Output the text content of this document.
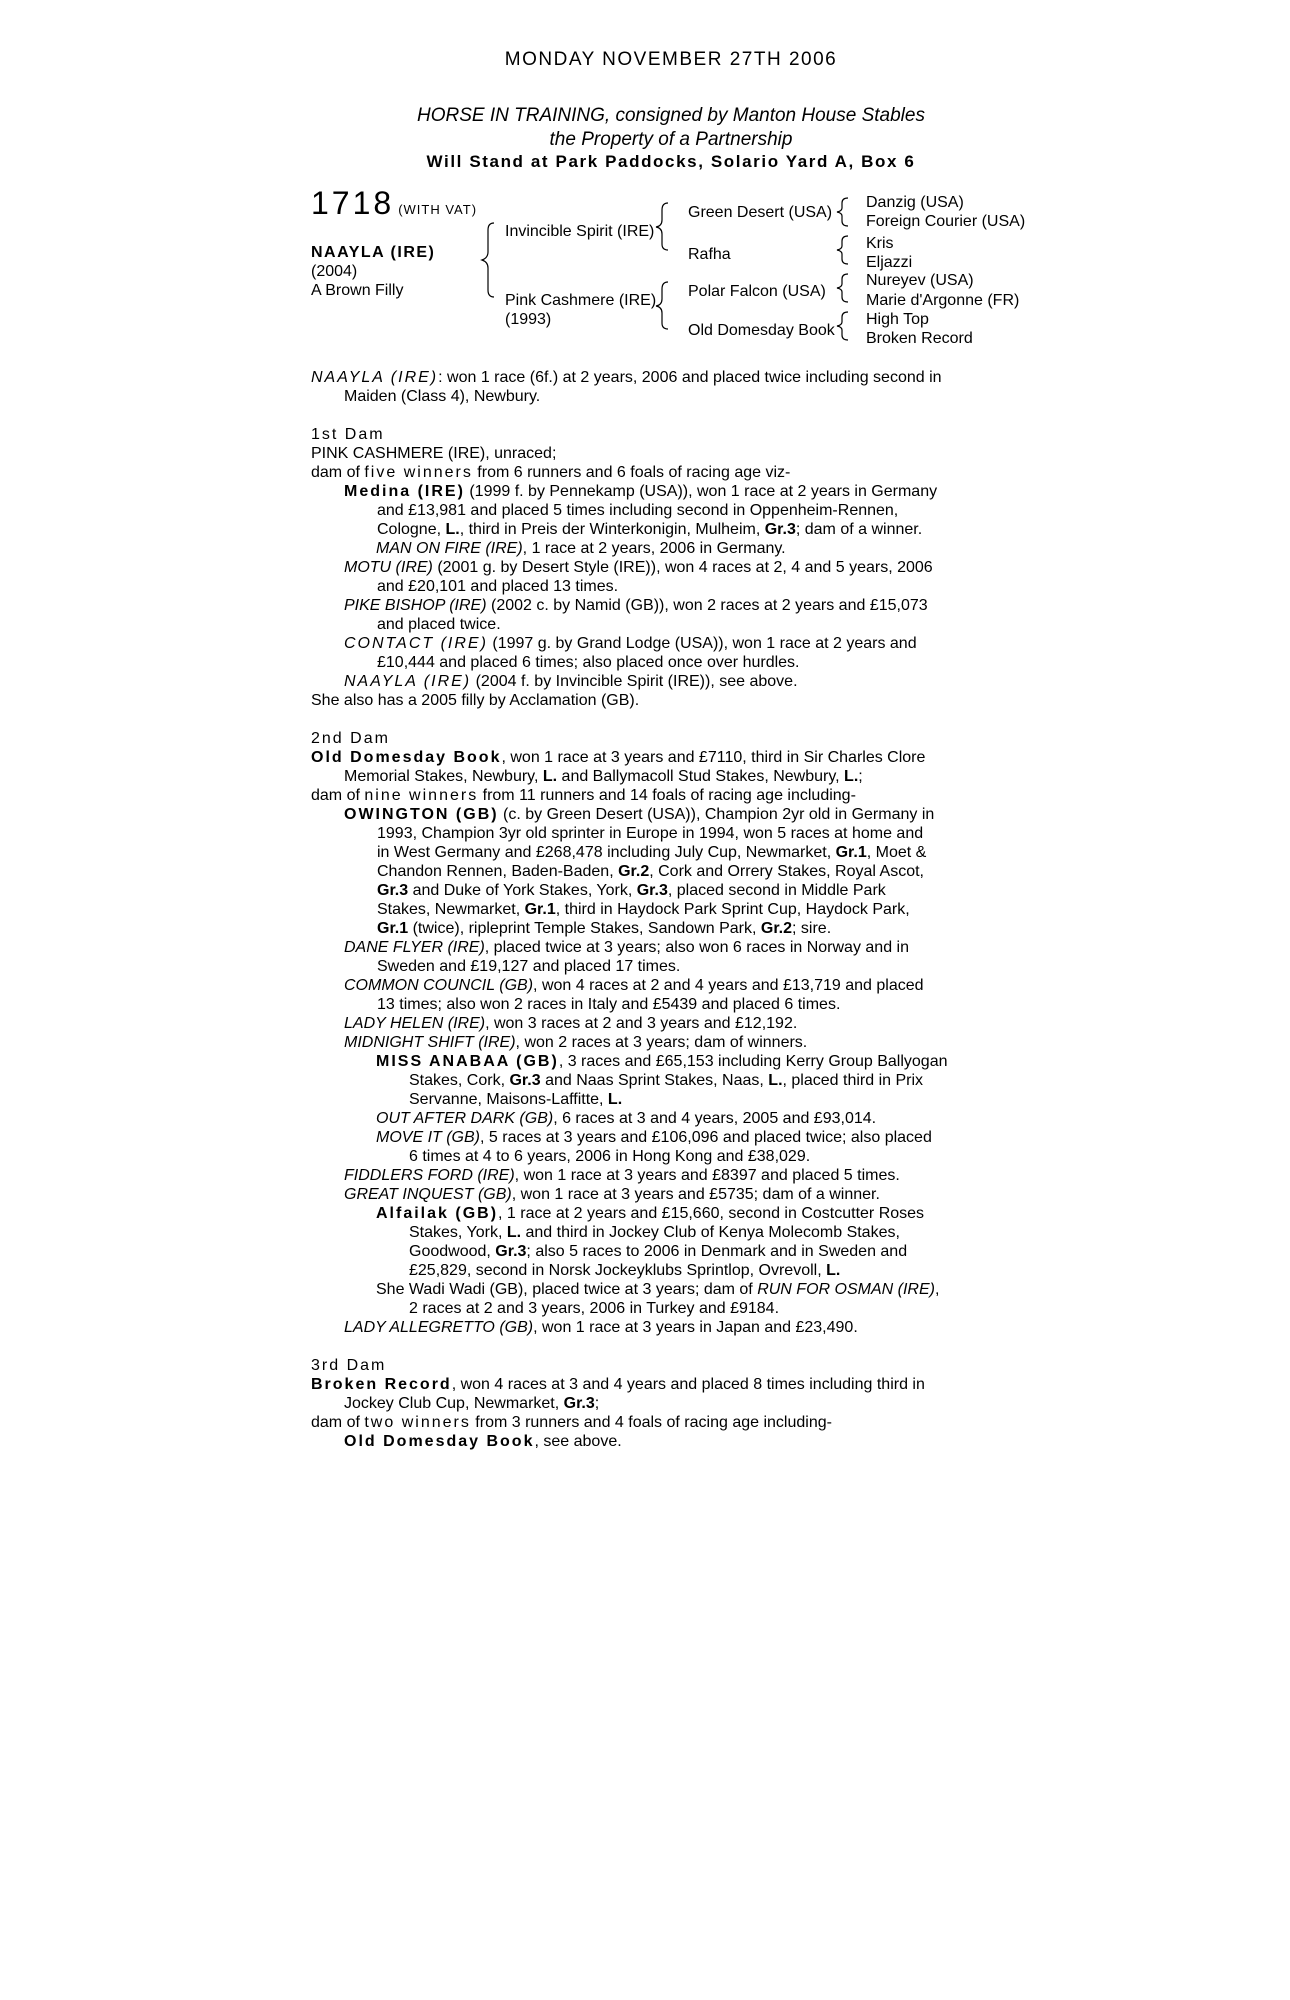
MONDAY NOVEMBER 27TH 2006
HORSE IN TRAINING, consigned by Manton House Stables
the Property of a Partnership
Will Stand at Park Paddocks, Solario Yard A, Box 6
1718 (WITH VAT)
NAAYLA (IRE)
(2004)
A Brown Filly
Invincible Spirit (IRE)
Pink Cashmere (IRE)
(1993)
Green Desert (USA)
Rafha
Polar Falcon (USA)
Old Domesday Book
Danzig (USA)
Foreign Courier (USA)
Kris
Eljazzi
Nureyev (USA)
Marie d'Argonne (FR)
High Top
Broken Record

NAAYLA (IRE): won 1 race (6f.) at 2 years, 2006 and placed twice including second in
Maiden (Class 4), Newbury.

1st Dam

PINK CASHMERE (IRE), unraced;

dam of five winners from 6 runners and 6 foals of racing age viz-

Medina (IRE) (1999 f. by Pennekamp (USA)), won 1 race at 2 years in Germany
and £13,981 and placed 5 times including second in Oppenheim-Rennen,
Cologne, L., third in Preis der Winterkonigin, Mulheim, Gr.3; dam of a winner.

MAN ON FIRE (IRE), 1 race at 2 years, 2006 in Germany.

MOTU (IRE) (2001 g. by Desert Style (IRE)), won 4 races at 2, 4 and 5 years, 2006
and £20,101 and placed 13 times.

PIKE BISHOP (IRE) (2002 c. by Namid (GB)), won 2 races at 2 years and £15,073
and placed twice.

CONTACT (IRE) (1997 g. by Grand Lodge (USA)), won 1 race at 2 years and
£10,444 and placed 6 times; also placed once over hurdles.

NAAYLA (IRE) (2004 f. by Invincible Spirit (IRE)), see above.

She also has a 2005 filly by Acclamation (GB).

2nd Dam

Old Domesday Book, won 1 race at 3 years and £7110, third in Sir Charles Clore
Memorial Stakes, Newbury, L. and Ballymacoll Stud Stakes, Newbury, L.;

dam of nine winners from 11 runners and 14 foals of racing age including-

OWINGTON (GB) (c. by Green Desert (USA)), Champion 2yr old in Germany in
1993, Champion 3yr old sprinter in Europe in 1994, won 5 races at home and
in West Germany and £268,478 including July Cup, Newmarket, Gr.1, Moet &
Chandon Rennen, Baden-Baden, Gr.2, Cork and Orrery Stakes, Royal Ascot,
Gr.3 and Duke of York Stakes, York, Gr.3, placed second in Middle Park
Stakes, Newmarket, Gr.1, third in Haydock Park Sprint Cup, Haydock Park,
Gr.1 (twice), ripleprint Temple Stakes, Sandown Park, Gr.2; sire.

DANE FLYER (IRE), placed twice at 3 years; also won 6 races in Norway and in
Sweden and £19,127 and placed 17 times.

COMMON COUNCIL (GB), won 4 races at 2 and 4 years and £13,719 and placed
13 times; also won 2 races in Italy and £5439 and placed 6 times.

LADY HELEN (IRE), won 3 races at 2 and 3 years and £12,192.

MIDNIGHT SHIFT (IRE), won 2 races at 3 years; dam of winners.

MISS ANABAA (GB), 3 races and £65,153 including Kerry Group Ballyogan
Stakes, Cork, Gr.3 and Naas Sprint Stakes, Naas, L., placed third in Prix
Servanne, Maisons-Laffitte, L.

OUT AFTER DARK (GB), 6 races at 3 and 4 years, 2005 and £93,014.

MOVE IT (GB), 5 races at 3 years and £106,096 and placed twice; also placed
6 times at 4 to 6 years, 2006 in Hong Kong and £38,029.

FIDDLERS FORD (IRE), won 1 race at 3 years and £8397 and placed 5 times.

GREAT INQUEST (GB), won 1 race at 3 years and £5735; dam of a winner.

Alfailak (GB), 1 race at 2 years and £15,660, second in Costcutter Roses
Stakes, York, L. and third in Jockey Club of Kenya Molecomb Stakes,
Goodwood, Gr.3; also 5 races to 2006 in Denmark and in Sweden and
£25,829, second in Norsk Jockeyklubs Sprintlop, Ovrevoll, L.

She Wadi Wadi (GB), placed twice at 3 years; dam of RUN FOR OSMAN (IRE),
2 races at 2 and 3 years, 2006 in Turkey and £9184.

LADY ALLEGRETTO (GB), won 1 race at 3 years in Japan and £23,490.

3rd Dam

Broken Record, won 4 races at 3 and 4 years and placed 8 times including third in
Jockey Club Cup, Newmarket, Gr.3;

dam of two winners from 3 runners and 4 foals of racing age including-

Old Domesday Book, see above.
